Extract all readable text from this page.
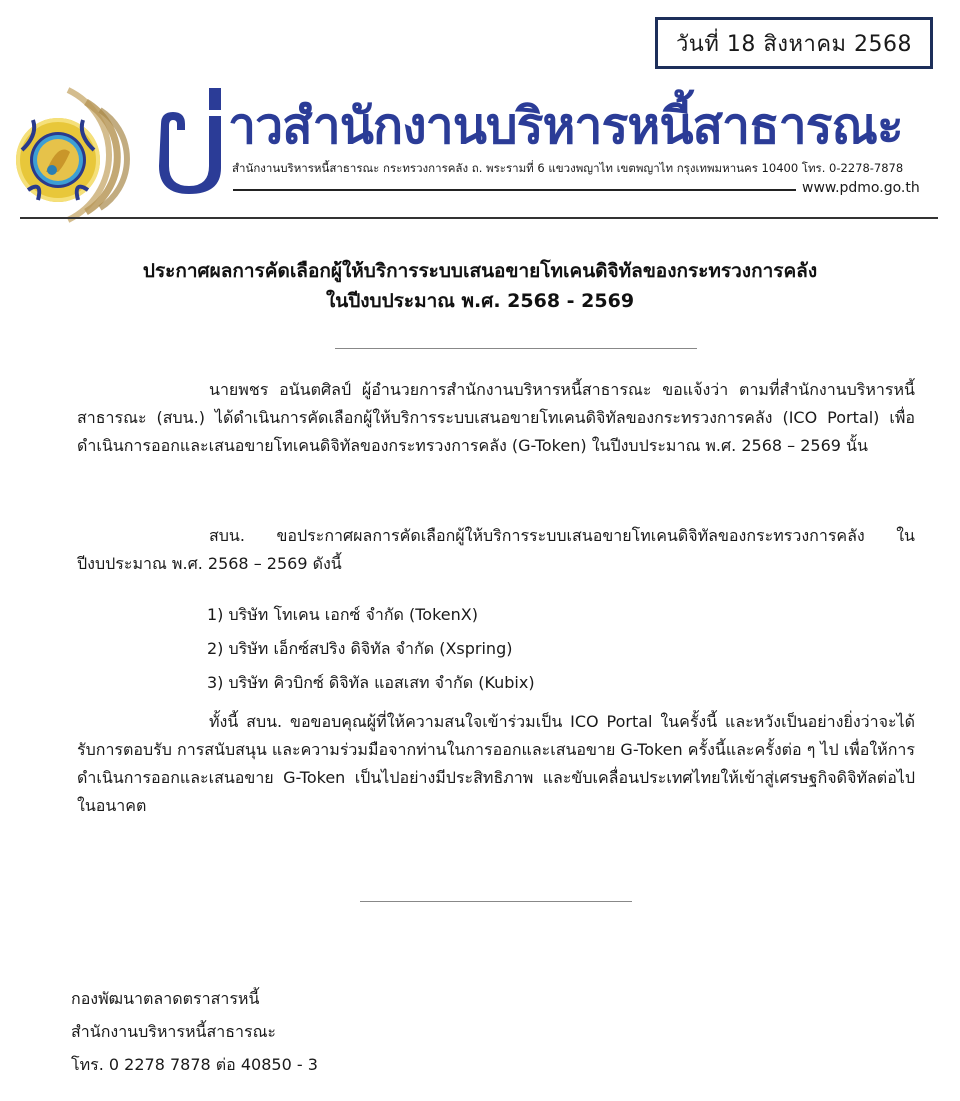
วันที่ 18 สิงหาคม 2568
าวสำนักงานบริหารหนี้สาธารณะ
สำนักงานบริหารหนี้สาธารณะ กระทรวงการคลัง ถ. พระรามที่ 6 แขวงพญาไท เขตพญาไท กรุงเทพมหานคร 10400 โทร. 0-2278-7878
www.pdmo.go.th
ประกาศผลการคัดเลือกผู้ให้บริการระบบเสนอขายโทเคนดิจิทัลของกระทรวงการคลัง
ในปีงบประมาณ พ.ศ. 2568 - 2569
นายพชร อนันตศิลป์ ผู้อำนวยการสำนักงานบริหารหนี้สาธารณะ ขอแจ้งว่า ตามที่สำนักงานบริหารหนี้สาธารณะ (สบน.) ได้ดำเนินการคัดเลือกผู้ให้บริการระบบเสนอขายโทเคนดิจิทัลของกระทรวงการคลัง (ICO Portal) เพื่อดำเนินการออกและเสนอขายโทเคนดิจิทัลของกระทรวงการคลัง (G-Token) ในปีงบประมาณ พ.ศ. 2568 – 2569 นั้น
สบน. ขอประกาศผลการคัดเลือกผู้ให้บริการระบบเสนอขายโทเคนดิจิทัลของกระทรวงการคลัง ในปีงบประมาณ พ.ศ. 2568 – 2569 ดังนี้
1) บริษัท โทเคน เอกซ์ จำกัด (TokenX)
2) บริษัท เอ็กซ์สปริง ดิจิทัล จำกัด (Xspring)
3) บริษัท คิวบิกซ์ ดิจิทัล แอสเสท จำกัด (Kubix)
ทั้งนี้ สบน. ขอขอบคุณผู้ที่ให้ความสนใจเข้าร่วมเป็น ICO Portal ในครั้งนี้ และหวังเป็นอย่างยิ่งว่าจะได้รับการตอบรับ การสนับสนุน และความร่วมมือจากท่านในการออกและเสนอขาย G-Token ครั้งนี้และครั้งต่อ ๆ ไป เพื่อให้การดำเนินการออกและเสนอขาย G-Token เป็นไปอย่างมีประสิทธิภาพ และขับเคลื่อนประเทศไทยให้เข้าสู่เศรษฐกิจดิจิทัลต่อไปในอนาคต
กองพัฒนาตลาดตราสารหนี้
สำนักงานบริหารหนี้สาธารณะ
โทร. 0 2278 7878 ต่อ 40850 - 3
